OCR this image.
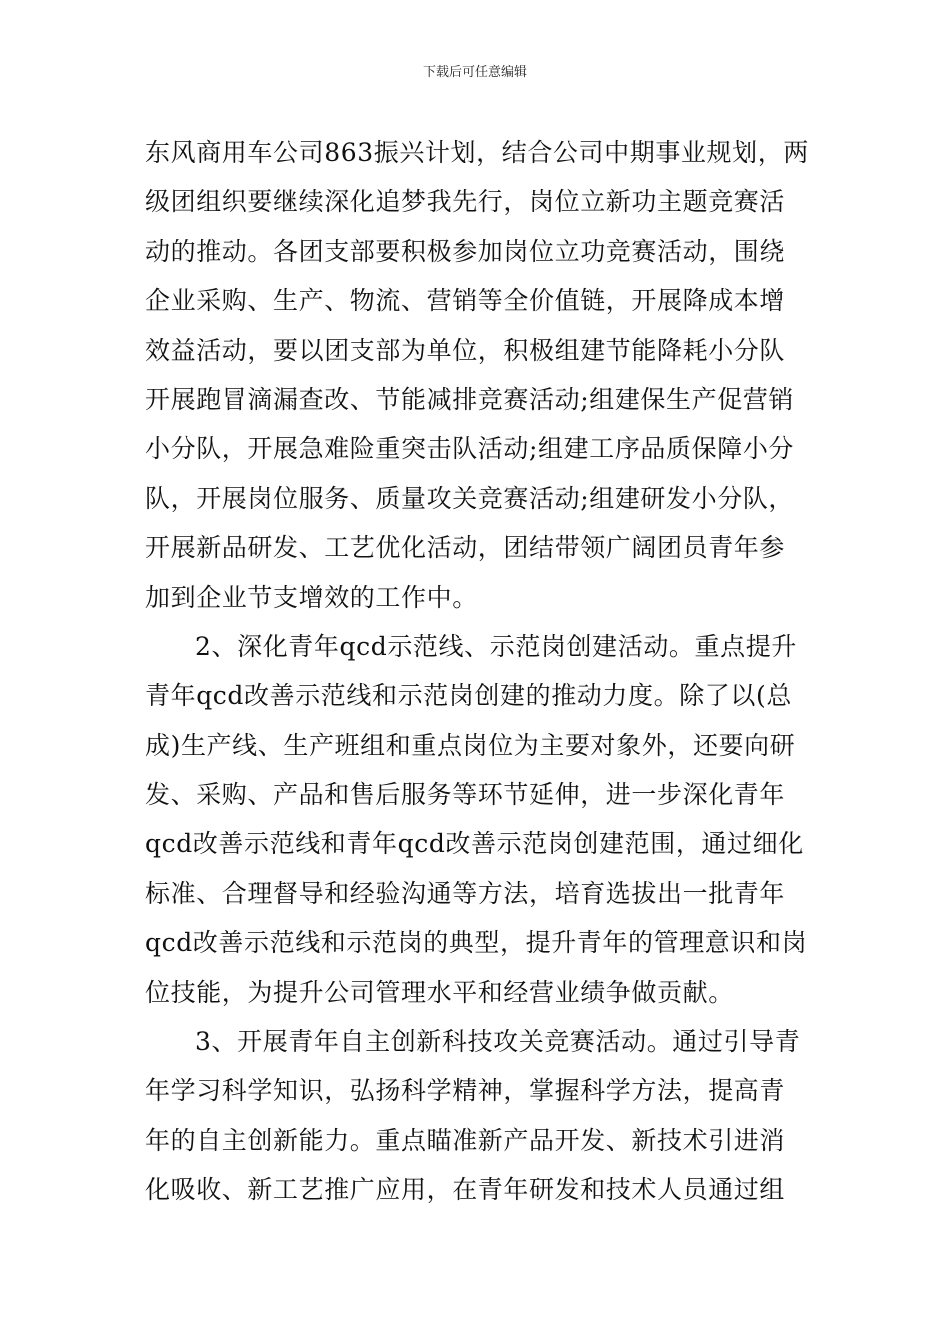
下载后可任意编辑
东风商用车公司863振兴计划，结合公司中期事业规划，两
级团组织要继续深化追梦我先行，岗位立新功主题竞赛活
动的推动。各团支部要积极参加岗位立功竞赛活动，围绕
企业采购、生产、物流、营销等全价值链，开展降成本增
效益活动，要以团支部为单位，积极组建节能降耗小分队
开展跑冒滴漏查改、节能减排竞赛活动;组建保生产促营销
小分队，开展急难险重突击队活动;组建工序品质保障小分
队，开展岗位服务、质量攻关竞赛活动;组建研发小分队，
开展新品研发、工艺优化活动，团结带领广阔团员青年参
加到企业节支增效的工作中。
2、深化青年qcd示范线、示范岗创建活动。重点提升
青年qcd改善示范线和示范岗创建的推动力度。除了以(总
成)生产线、生产班组和重点岗位为主要对象外，还要向研
发、采购、产品和售后服务等环节延伸，进一步深化青年
qcd改善示范线和青年qcd改善示范岗创建范围，通过细化
标准、合理督导和经验沟通等方法，培育选拔出一批青年
qcd改善示范线和示范岗的典型，提升青年的管理意识和岗
位技能，为提升公司管理水平和经营业绩争做贡献。
3、开展青年自主创新科技攻关竞赛活动。通过引导青
年学习科学知识，弘扬科学精神，掌握科学方法，提高青
年的自主创新能力。重点瞄准新产品开发、新技术引进消
化吸收、新工艺推广应用，在青年研发和技术人员通过组
